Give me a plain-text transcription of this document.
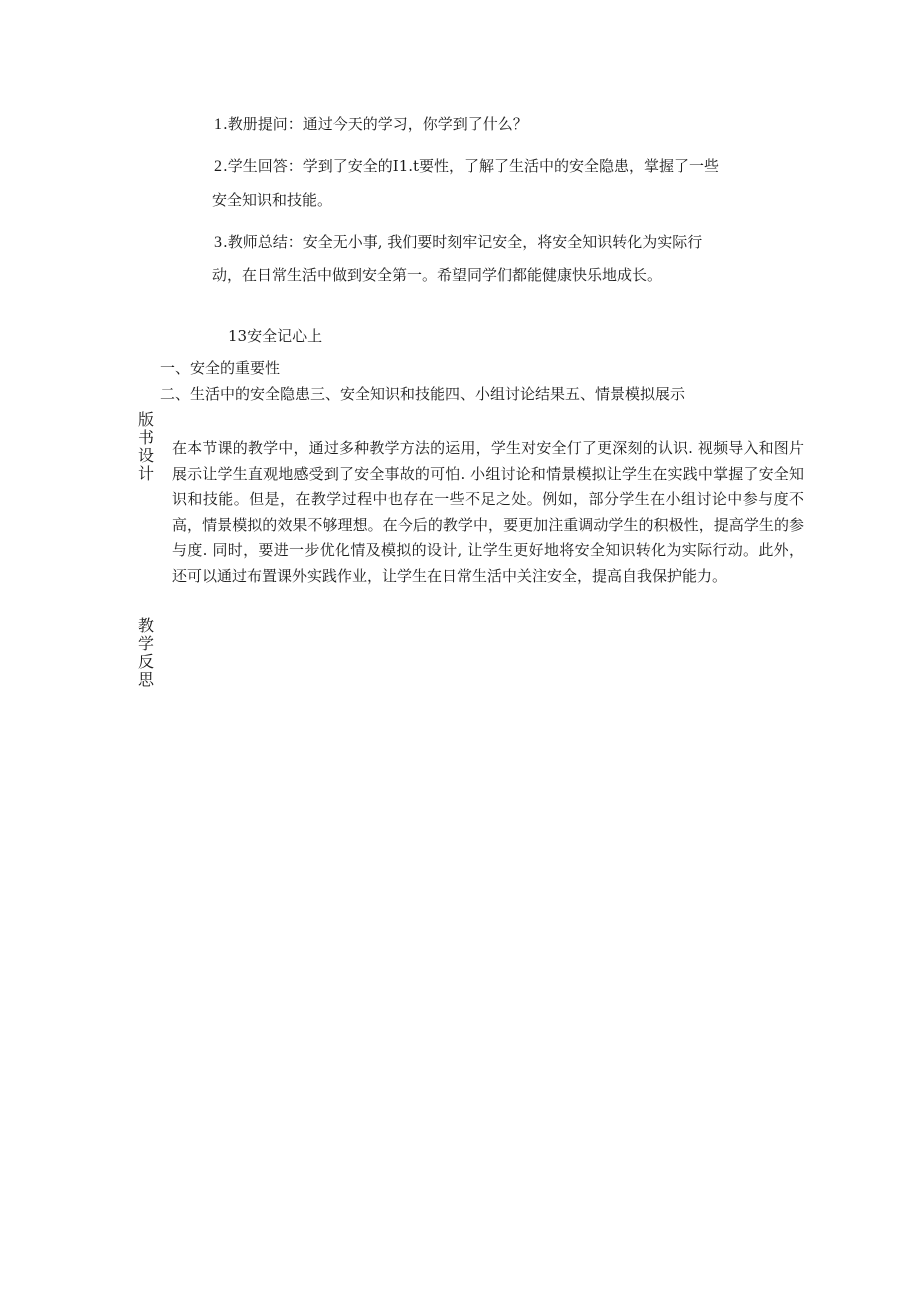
1.教册提问：通过今天的学习，你学到了什么？
2.学生回答：学到了安全的I1.t要性，了解了生活中的安全隐患，掌握了一些
安全知识和技能。
3.教师总结：安全无小事, 我们要时刻牢记安全，将安全知识转化为实际行
动，在日常生活中做到安全第一。希望同学们都能健康快乐地成长。
13安全记心上
一、安全的重要性
二、生活中的安全隐患三、安全知识和技能四、小组讨论结果五、情景模拟展示
版书设计
在本节课的教学中，通过多种教学方法的运用，学生对安全仃了更深刻的认识. 视频导入和图片展示让学生直观地感受到了安全事故的可怕. 小组讨论和情景模拟让学生在实践中掌握了安全知识和技能。但是，在教学过程中也存在一些不足之处。例如，部分学生在小组讨论中参与度不高，情景模拟的效果不够理想。在今后的教学中，要更加注重调动学生的积极性，提高学生的参与度. 同时，要进一步优化情及模拟的设计, 让学生更好地将安全知识转化为实际行动。此外，还可以通过布置课外实践作业，让学生在日常生活中关注安全，提高自我保护能力。
教学反思
